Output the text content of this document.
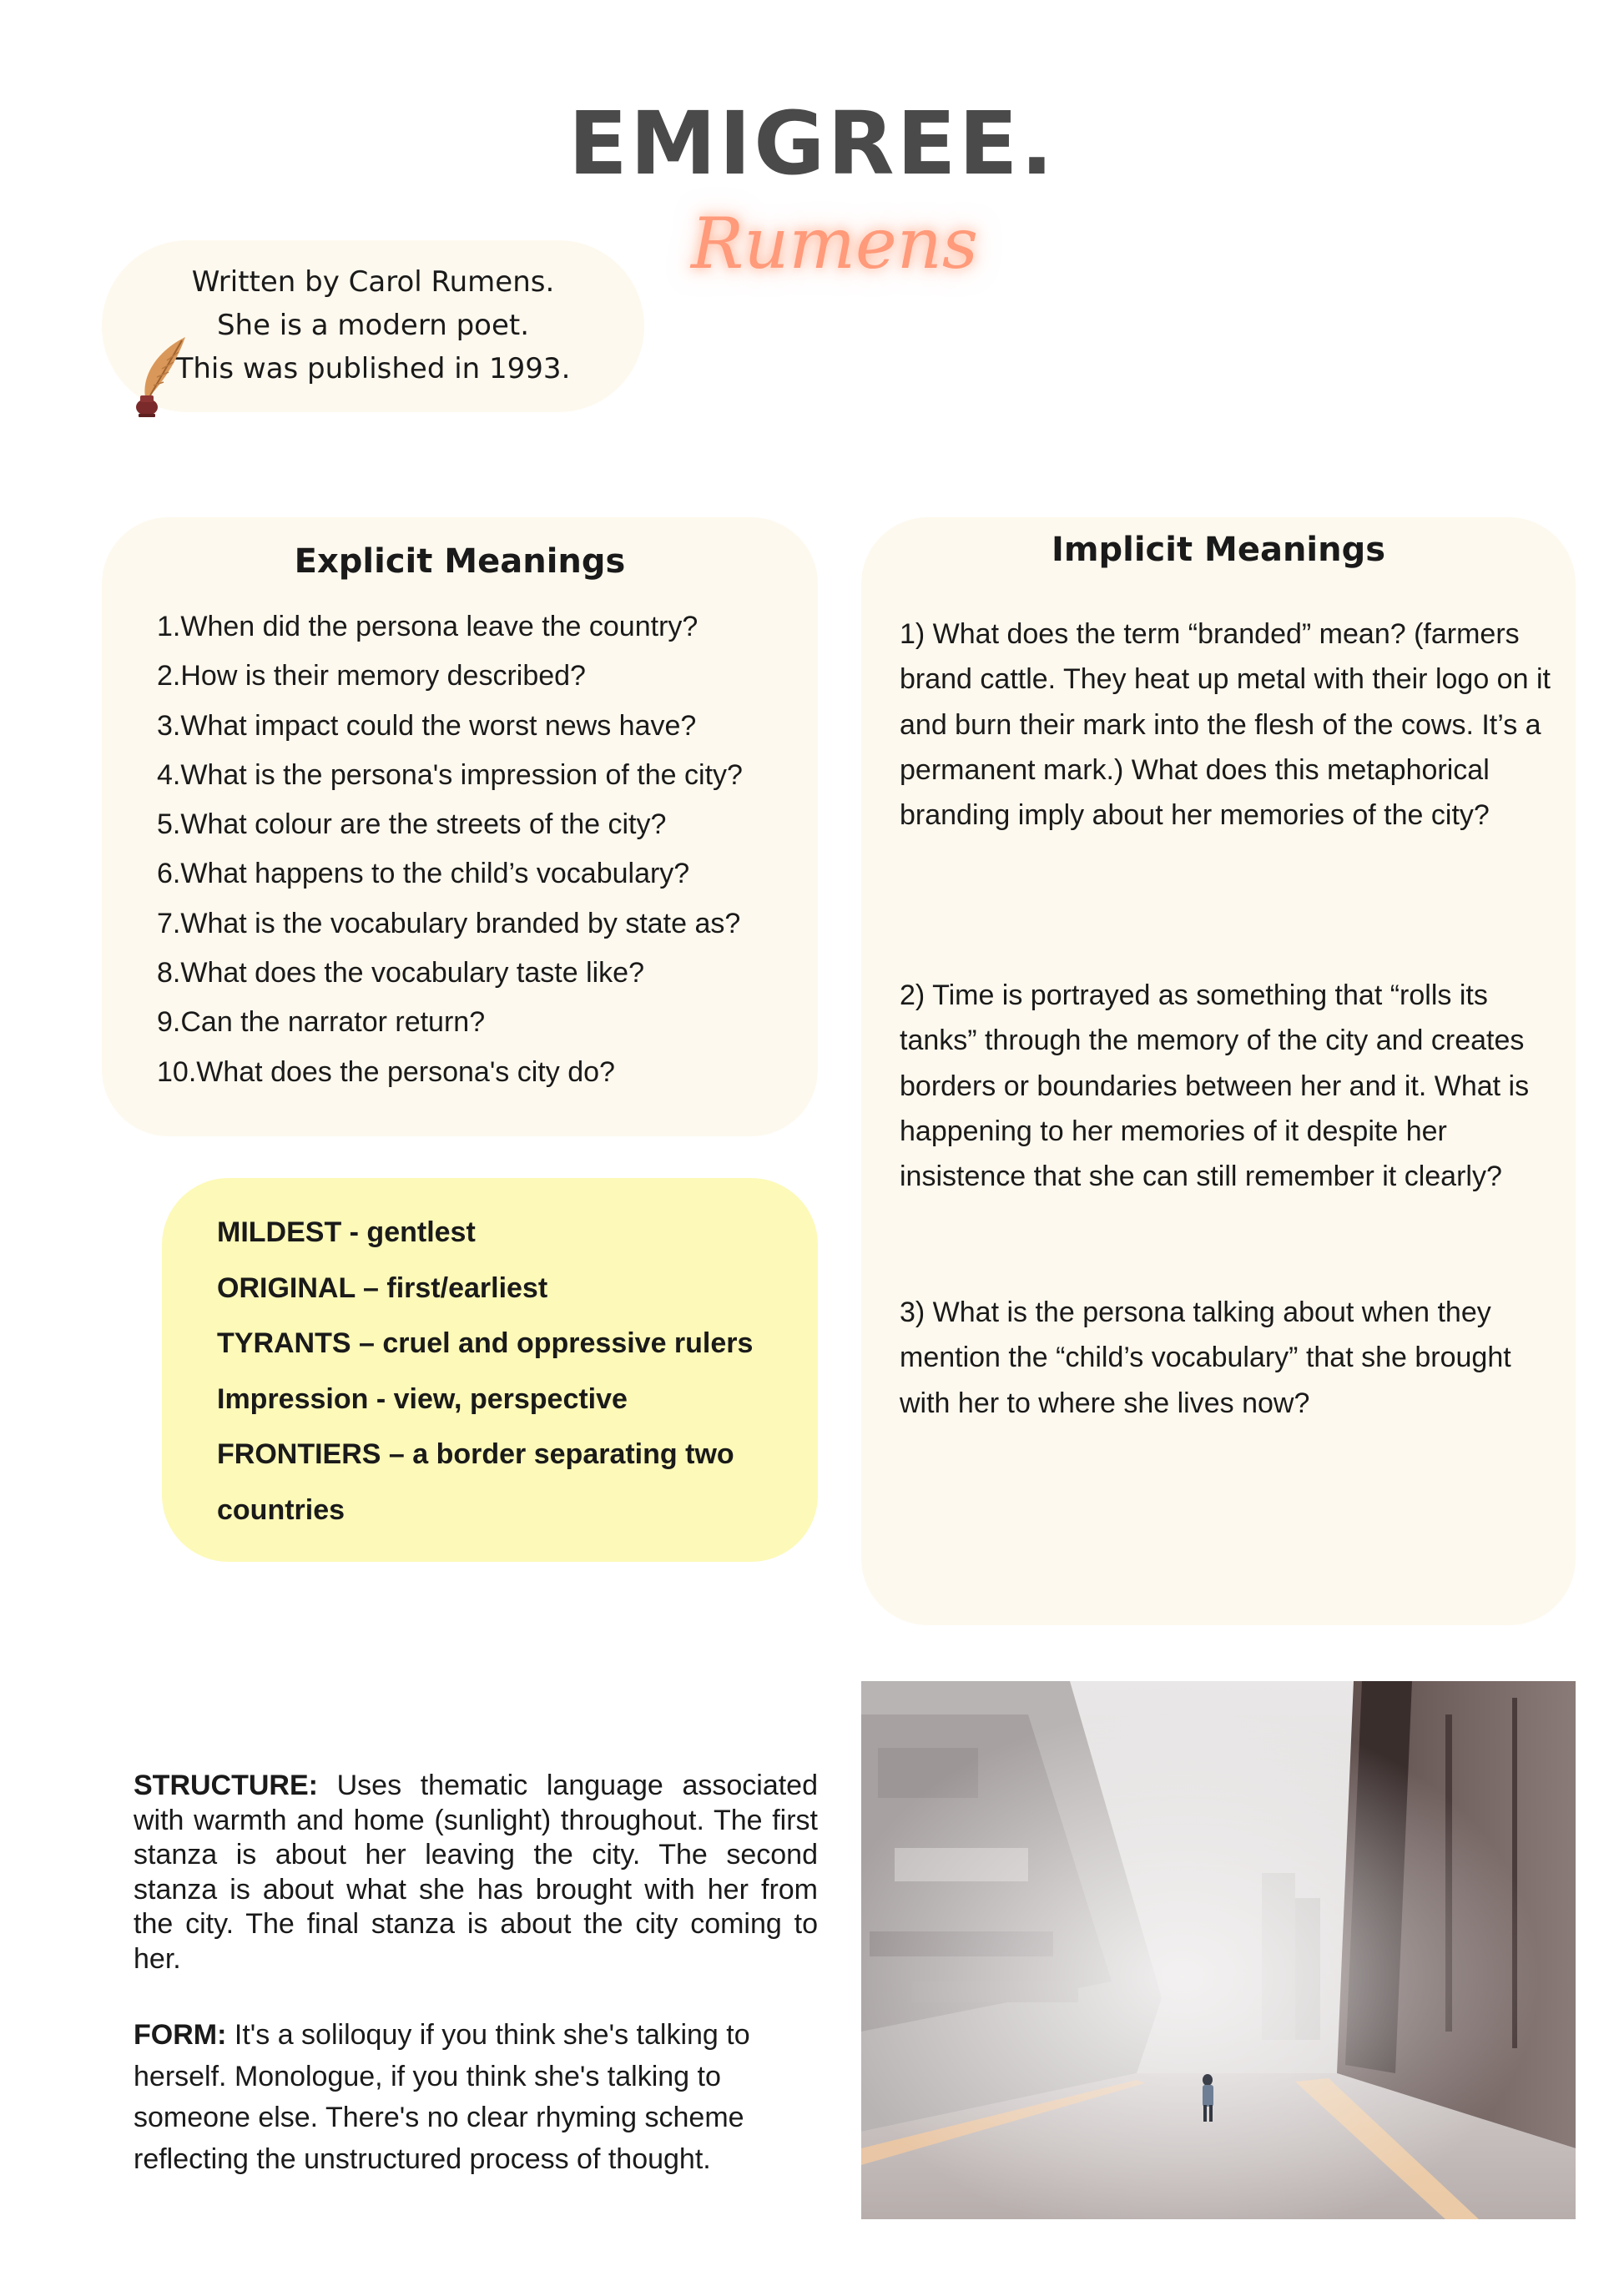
EMIGREE.
Rumens
Written by Carol Rumens.
She is a modern poet.
This was published in 1993.
Explicit Meanings
1.When did the persona leave the country?
2.How is their memory described?
3.What impact could the worst news have?
4.What is the persona's impression of the city?
5.What colour are the streets of the city?
6.What happens to the child’s vocabulary?
7.What is the vocabulary branded by state as?
8.What does the vocabulary taste like?
9.Can the narrator return?
10.What does the persona's city do?
MILDEST - gentlest
ORIGINAL – first/earliest
TYRANTS – cruel and oppressive rulers
Impression - view, perspective
FRONTIERS – a border separating two countries
Implicit Meanings
1) What does the term “branded” mean? (farmers brand cattle. They heat up metal with their logo on it and burn their mark into the flesh of the cows. It’s a permanent mark.) What does this metaphorical branding imply about her memories of the city?
2) Time is portrayed as something that “rolls its tanks” through the memory of the city and creates borders or boundaries between her and it. What is happening to her memories of it despite her insistence that she can still remember it clearly?
3) What is the persona talking about when they mention the “child’s vocabulary” that she brought with her to where she lives now?
STRUCTURE: Uses thematic language associated with warmth and home (sunlight) throughout. The first stanza is about her leaving the city. The second stanza is about what she has brought with her from the city. The final stanza is about the city coming to her.
FORM: It's a soliloquy if you think she's talking to herself. Monologue, if you think she's talking to someone else. There's no clear rhyming scheme reflecting the unstructured process of thought.
